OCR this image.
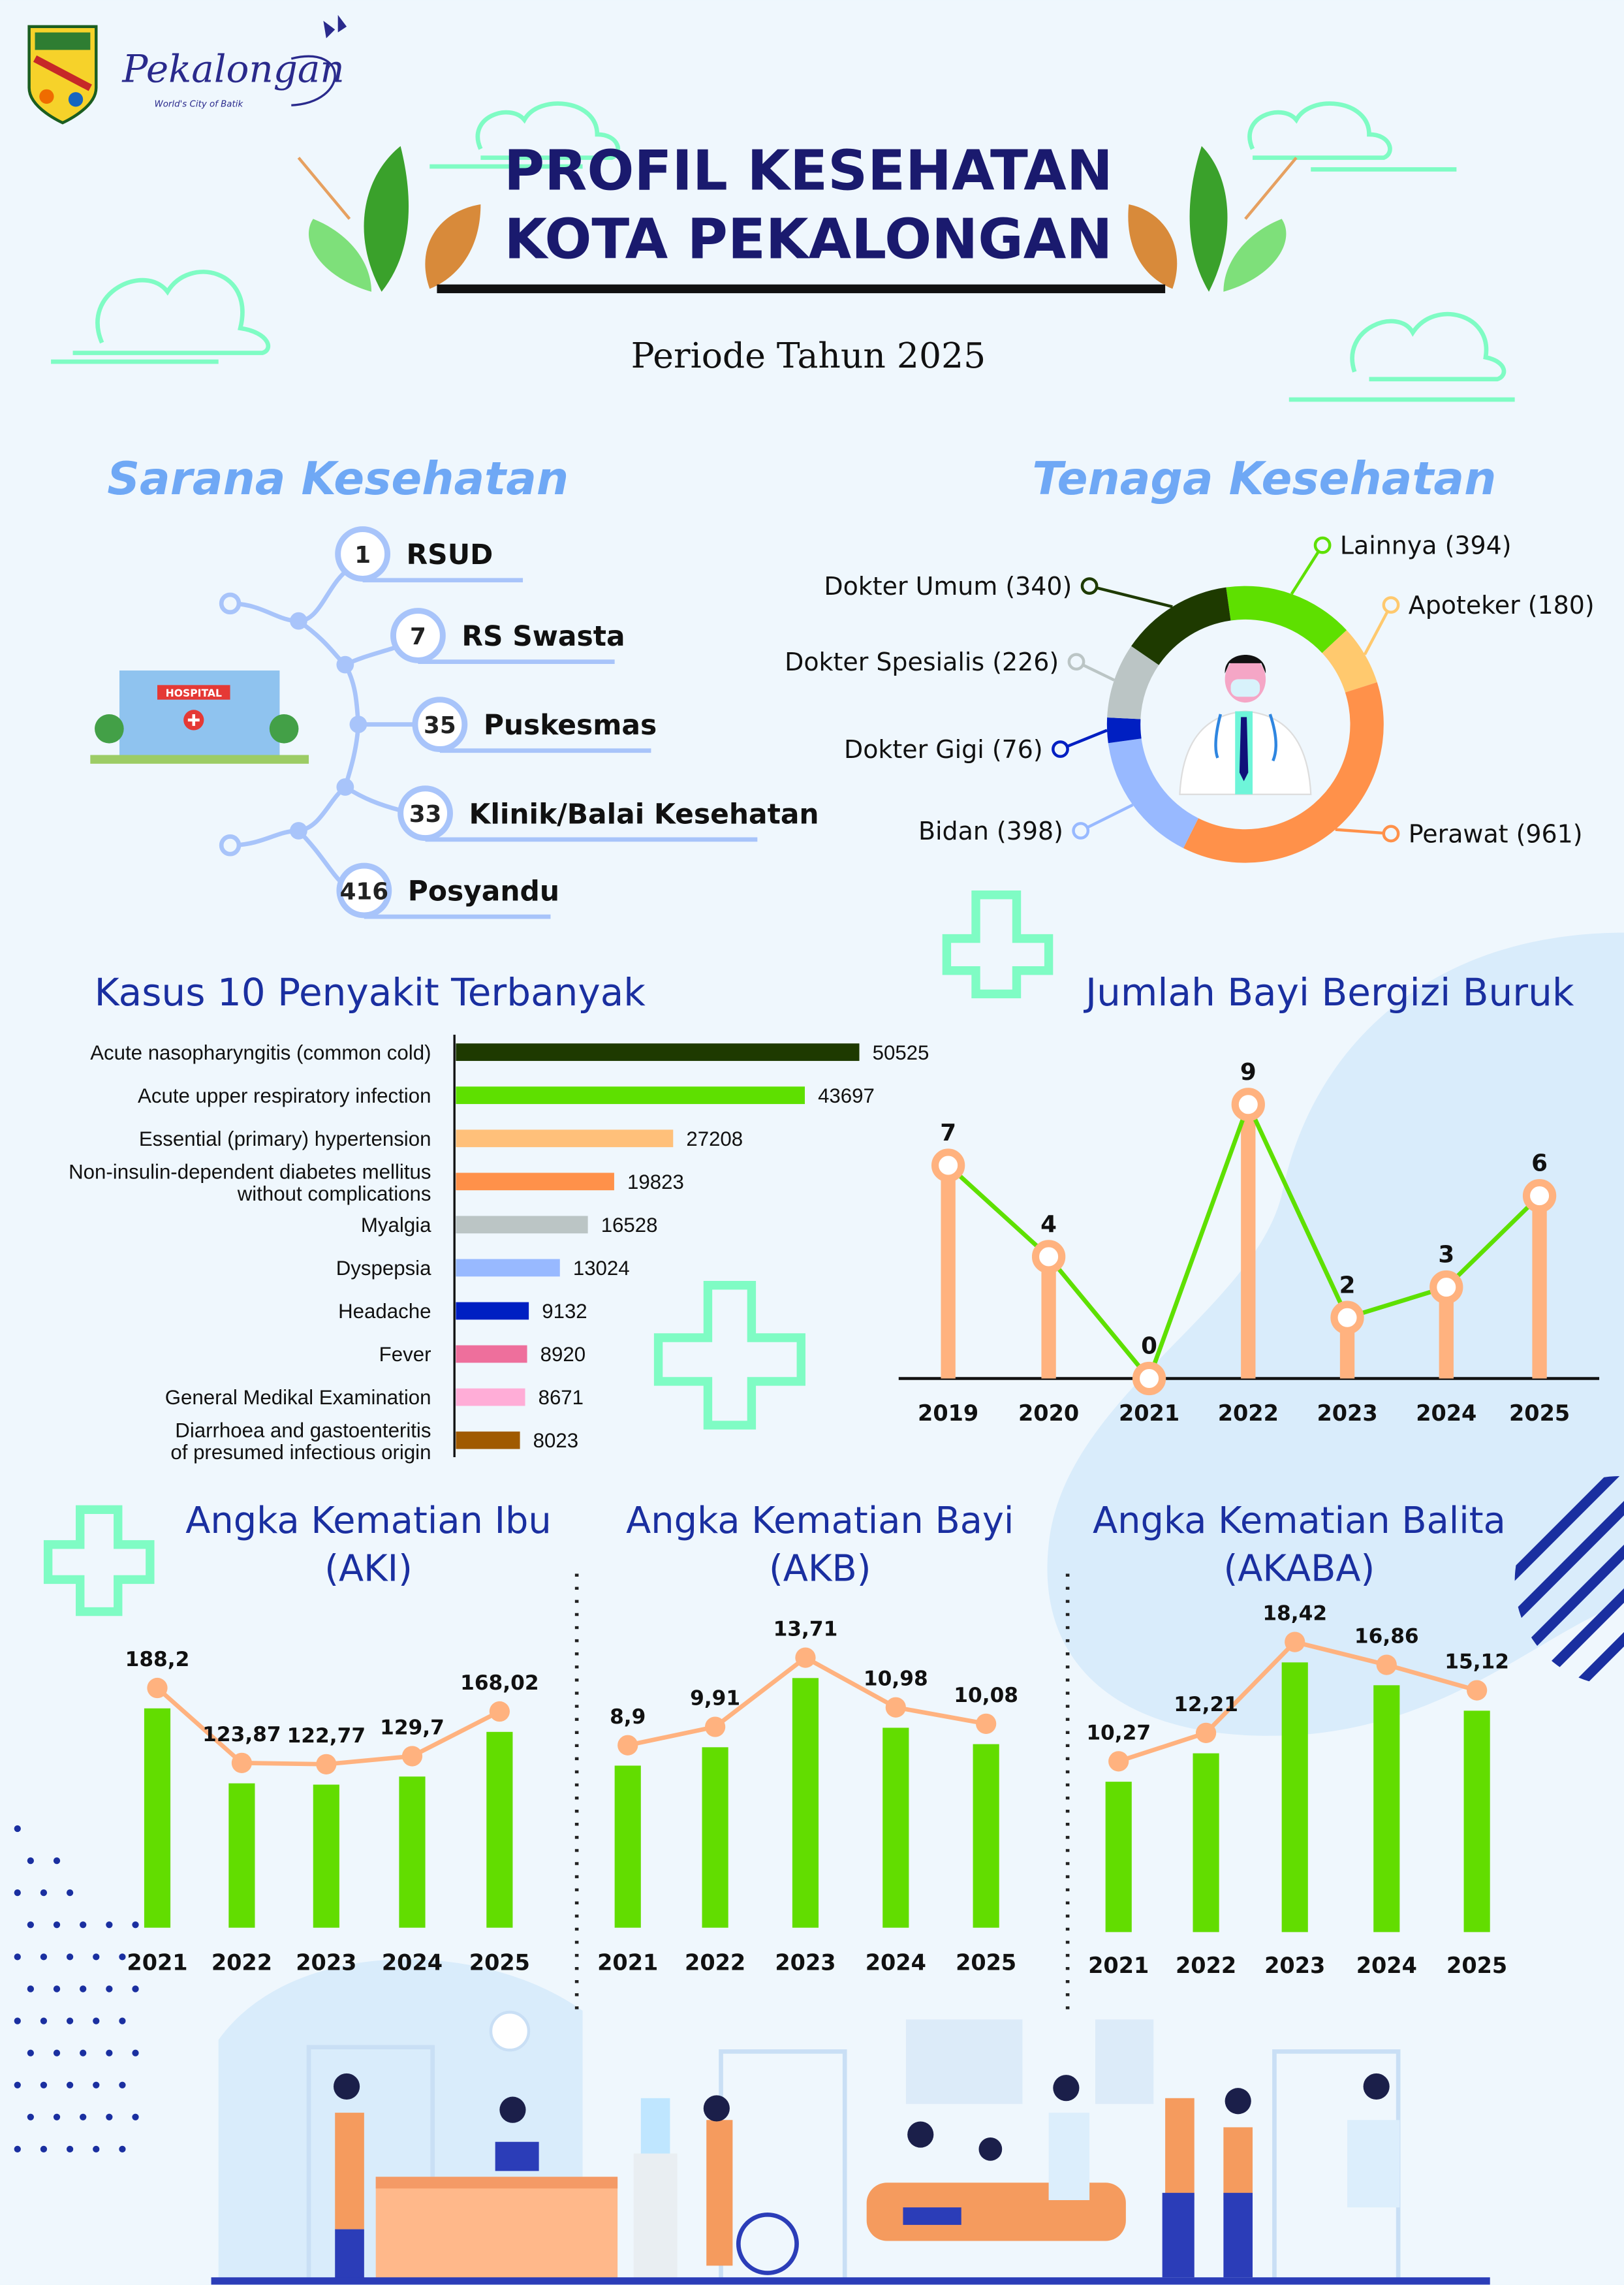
Pekalongan
World's City of Batik
PROFIL KESEHATAN
KOTA PEKALONGAN
Periode Tahun 2025
Sarana Kesehatan
HOSPITAL
1	RSUD
7	RS Swasta
35 Puskesmas
33 Klinik/Balai Kesehatan
416 Posyandu
Tenaga Kesehatan
Lainnya (394)
Apoteker (180)
Perawat (961)
Bidan (398)
Dokter Gigi (76)
Dokter Spesialis (226)
Dokter Umum (340)
Kasus 10 Penyakit Terbanyak	Jumlah Bayi Bergizi Buruk
50525
Acute nasopharyngitis (common cold)
43697
Acute upper respiratory infection
27208
Essential (primary) hypertension
19823
Non-insulin-dependent diabetes mellitus
without complications
16528
Myalgia
13024
Dyspepsia
9132
Headache
8920
Fever
8671
General Medikal Examination
8023
Diarrhoea and gastoenteritis
of presumed infectious origin
7
2019
4
2020
0
2021
9
2022
2
2023
3
2024
6
2025
Angka Kematian Ibu
(AKI)
Angka Kematian Bayi
(AKB)
Angka Kematian Balita
(AKABA)
188,2
2021
123,87
2022
122,77
2023
129,7
2024
168,02
2025
8,9
2021
9,91
2022
13,71
2023
10,98
2024
10,08
2025
10,27
2021
12,21
2022
18,42
2023
16,86
2024
15,12
2025
